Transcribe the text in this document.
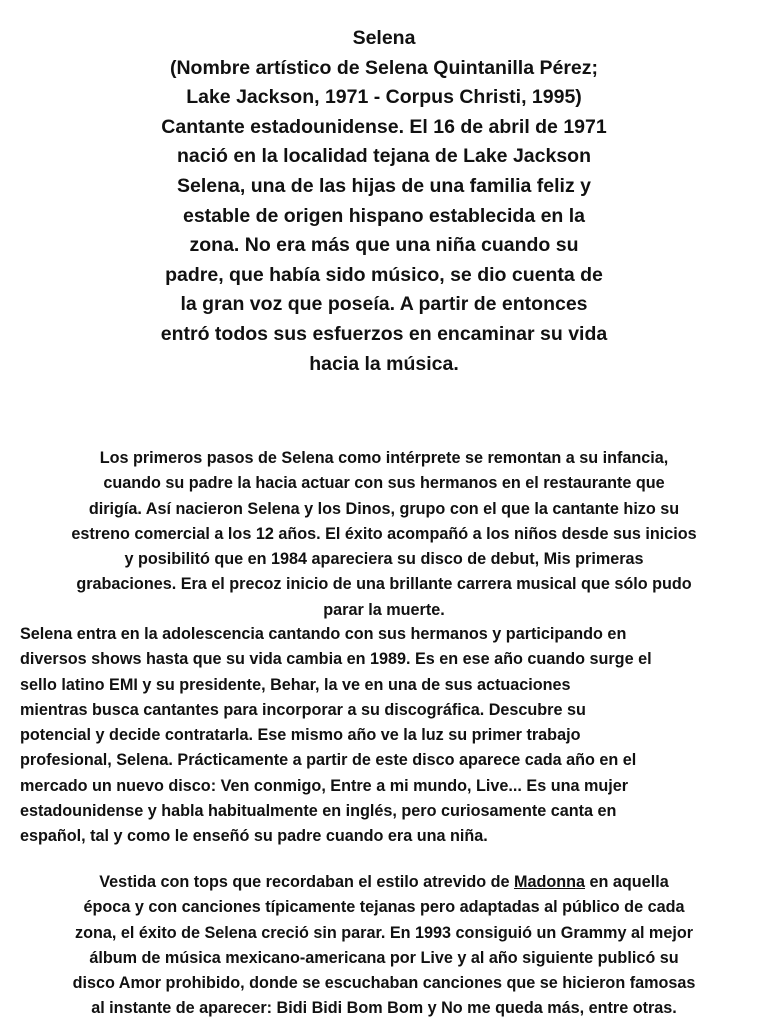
Selena
(Nombre artístico de Selena Quintanilla Pérez;
Lake Jackson, 1971 - Corpus Christi, 1995)
Cantante estadounidense. El 16 de abril de 1971
nació en la localidad tejana de Lake Jackson
Selena, una de las hijas de una familia feliz y
estable de origen hispano establecida en la
zona. No era más que una niña cuando su
padre, que había sido músico, se dio cuenta de
la gran voz que poseía. A partir de entonces
entró todos sus esfuerzos en encaminar su vida
hacia la música.
Los primeros pasos de Selena como intérprete se remontan a su infancia,
cuando su padre la hacia actuar con sus hermanos en el restaurante que
dirigía. Así nacieron Selena y los Dinos, grupo con el que la cantante hizo su
estreno comercial a los 12 años. El éxito acompañó a los niños desde sus inicios
y posibilitó que en 1984 apareciera su disco de debut, Mis primeras
grabaciones. Era el precoz inicio de una brillante carrera musical que sólo pudo
parar la muerte.
Selena entra en la adolescencia cantando con sus hermanos y participando en
diversos shows hasta que su vida cambia en 1989. Es en ese año cuando surge el
sello latino EMI y su presidente, Behar, la ve en una de sus actuaciones
mientras busca cantantes para incorporar a su discográfica. Descubre su
potencial y decide contratarla. Ese mismo año ve la luz su primer trabajo
profesional, Selena. Prácticamente a partir de este disco aparece cada año en el
mercado un nuevo disco: Ven conmigo, Entre a mi mundo, Live... Es una mujer
estadounidense y habla habitualmente en inglés, pero curiosamente canta en
español, tal y como le enseñó su padre cuando era una niña.
Vestida con tops que recordaban el estilo atrevido de Madonna en aquella
época y con canciones típicamente tejanas pero adaptadas al público de cada
zona, el éxito de Selena creció sin parar. En 1993 consiguió un Grammy al mejor
álbum de música mexicano-americana por Live y al año siguiente publicó su
disco Amor prohibido, donde se escuchaban canciones que se hicieron famosas
al instante de aparecer: Bidi Bidi Bom Bom y No me queda más, entre otras.
